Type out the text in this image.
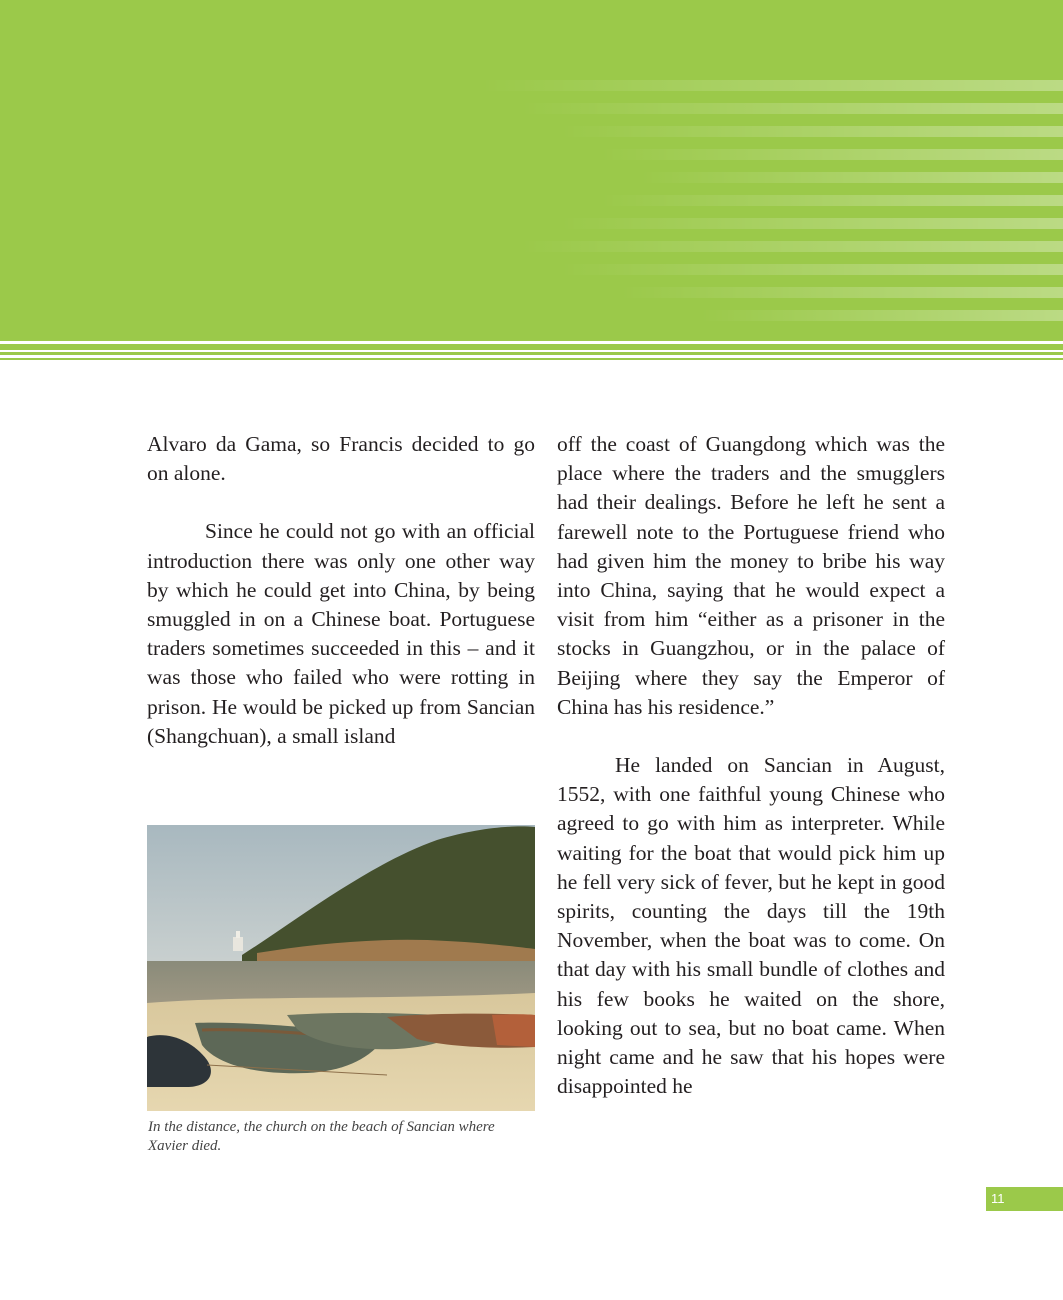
Alvaro da Gama, so Francis decided to go on alone.

Since he could not go with an official introduction there was only one other way by which he could get into China, by being smuggled in on a Chinese boat. Portuguese traders sometimes succeeded in this – and it was those who failed who were rotting in prison. He would be picked up from Sancian (Shangchuan), a small island

In the distance, the church on the beach of Sancian where Xavier died.

off the coast of Guangdong which was the place where the traders and the smugglers had their dealings. Before he left he sent a farewell note to the Portuguese friend who had given him the money to bribe his way into China, saying that he would expect a visit from him “either as a prisoner in the stocks in Guangzhou, or in the palace of Beijing where they say the Emperor of China has his residence.”

He landed on Sancian in August, 1552, with one faithful young Chinese who agreed to go with him as interpreter. While waiting for the boat that would pick him up he fell very sick of fever, but he kept in good spirits, counting the days till the 19th November, when the boat was to come. On that day with his small bundle of clothes and his few books he waited on the shore, looking out to sea, but no boat came. When night came and he saw that his hopes were disappointed he

11
